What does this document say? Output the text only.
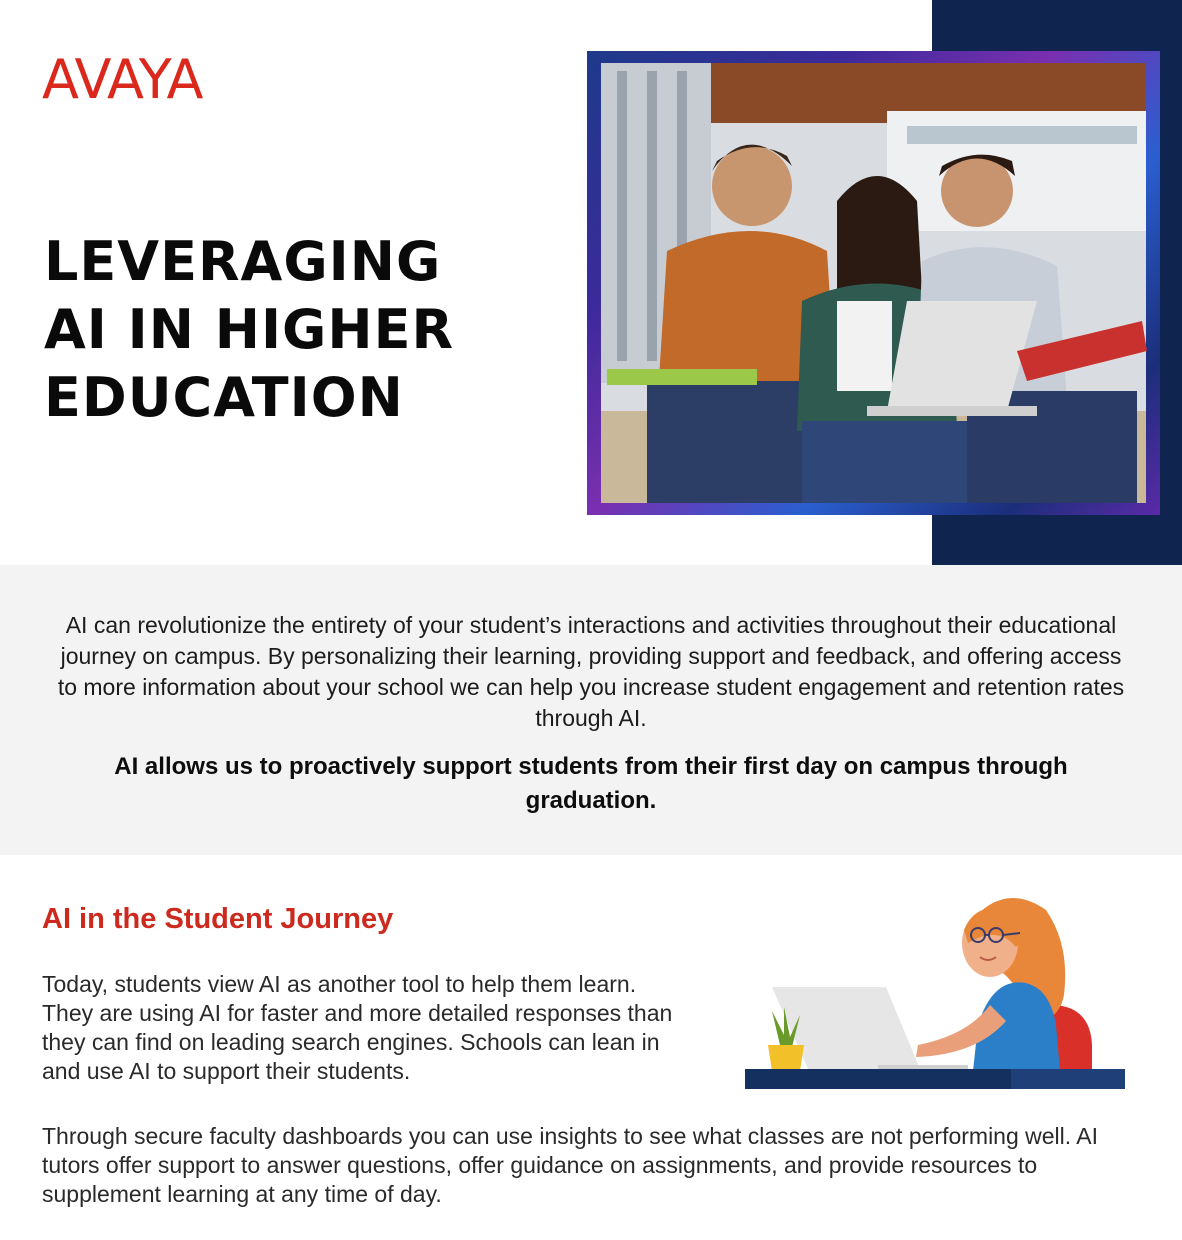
AVAYA
LEVERAGING
AI IN HIGHER
EDUCATION

AI can revolutionize the entirety of your student’s interactions and activities throughout their educational journey on campus. By personalizing their learning, providing support and feedback, and offering access to more information about your school we can help you increase student engagement and retention rates through AI.

AI allows us to proactively support students from their first day on campus through graduation.

AI in the Student Journey

Today, students view AI as another tool to help them learn. They are using AI for faster and more detailed responses than they can find on leading search engines. Schools can lean in and use AI to support their students.

Through secure faculty dashboards you can use insights to see what classes are not performing well. AI tutors offer support to answer questions, offer guidance on assignments, and provide resources to supplement learning at any time of day.
